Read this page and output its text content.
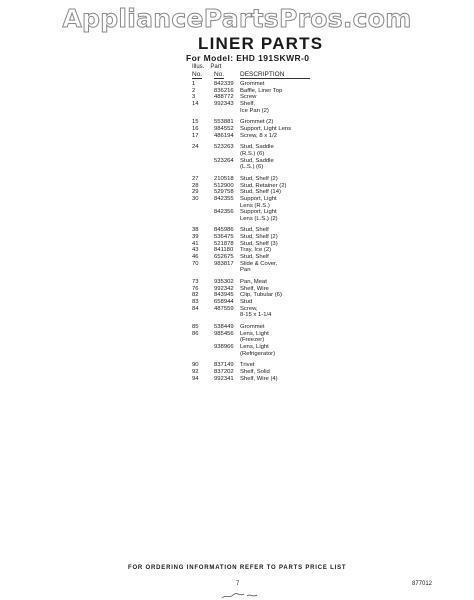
AppliancePartsPros.com
LINER PARTS
For Model: EHD 191SKWR-0
Illus. Part
No.	No.	DESCRIPTION
1	842339	Grommet
2	836216	Baffle, Liner Top
3	488772	Screw
14	992343	Shelf,
Ice Pan (2)
15	553881	Grommet (2)
16	984552	Support, Light Lens
17	486194	Screw, 8 x 1/2
24	523263	Stud, Saddle
(R.S.) (6)
523264	Stud, Saddle
(L.S.) (6)
27	210518	Stud, Shelf (2)
28	512900	Stud, Retainer (2)
29	529758	Stud, Shelf (14)
30	842355	Support, Light
Lens (R.S.)
842356	Support, Light
Lens (L.S.) (2)
38	845986	Stud, Shelf
39	536475	Stud, Shelf (2)
41	521878	Stud, Shelf (3)
43	841180	Tray, Ice (2)
46	652675	Stud, Shelf
70	983817	Slide & Cover,
Pan
73	935302	Pan, Meat
76	992342	Shelf, Wire
82	843945	Clip, Tubular (6)
83	658944	Stud
84	487559	Screw,
8-15 x 1-1/4
85	538449	Grommet
86	985456	Lens, Light
(Freezer)
938966	Lens, Light
(Refrigerator)
90	837149	Trivet
92	837202	Shelf, Solid
94	992341	Shelf, Wire (4)
FOR ORDERING INFORMATION REFER TO PARTS PRICE LIST
7	877012
